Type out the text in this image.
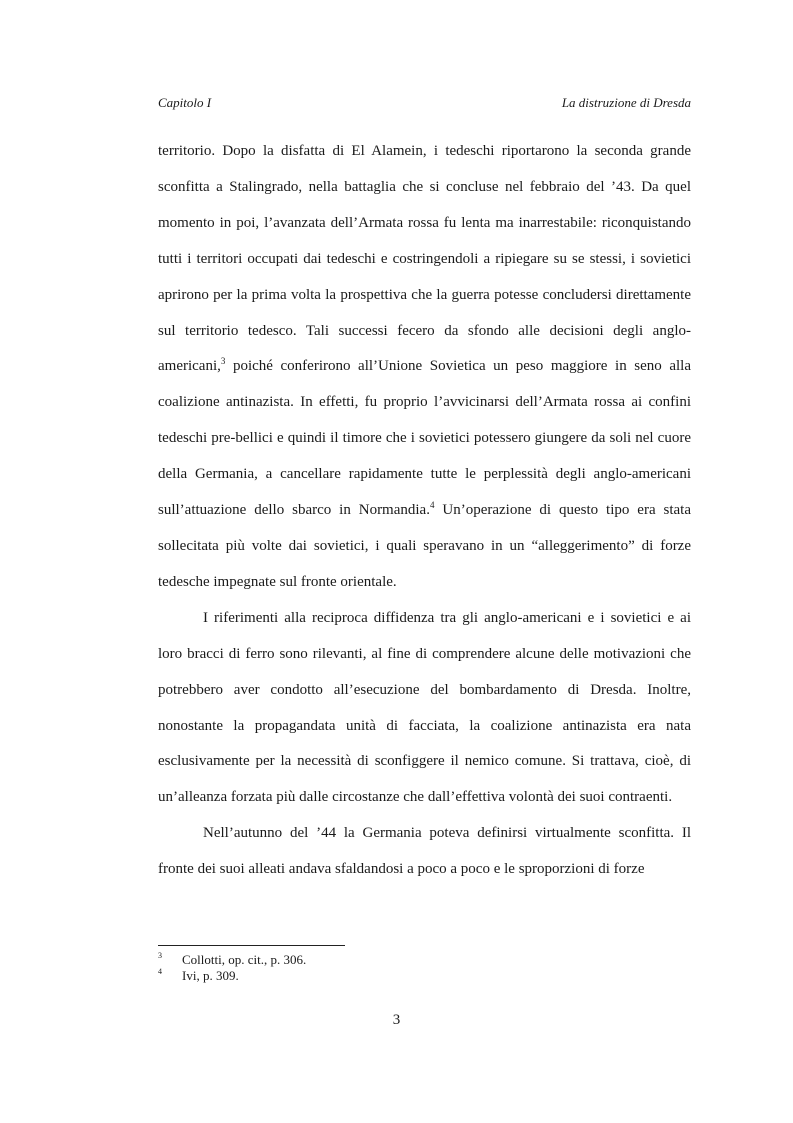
Capitolo I	La distruzione di Dresda

territorio. Dopo la disfatta di El Alamein, i tedeschi riportarono la seconda grande sconfitta a Stalingrado, nella battaglia che si concluse nel febbraio del ’43. Da quel momento in poi, l’avanzata dell’Armata rossa fu lenta ma inarrestabile: riconquistando tutti i territori occupati dai tedeschi e costringendoli a ripiegare su se stessi, i sovietici aprirono per la prima volta la prospettiva che la guerra potesse concludersi direttamente sul territorio tedesco. Tali successi fecero da sfondo alle decisioni degli anglo-americani,$^3$ poiché conferirono all’Unione Sovietica un peso maggiore in seno alla coalizione antinazista. In effetti, fu proprio l’avvicinarsi dell’Armata rossa ai confini tedeschi pre-bellici e quindi il timore che i sovietici potessero giungere da soli nel cuore della Germania, a cancellare rapidamente tutte le perplessità degli anglo-americani sull’attuazione dello sbarco in Normandia.$^4$ Un’operazione di questo tipo era stata sollecitata più volte dai sovietici, i quali speravano in un “alleggerimento” di forze tedesche impegnate sul fronte orientale.

I riferimenti alla reciproca diffidenza tra gli anglo-americani e i sovietici e ai loro bracci di ferro sono rilevanti, al fine di comprendere alcune delle motivazioni che potrebbero aver condotto all’esecuzione del bombardamento di Dresda. Inoltre, nonostante la propagandata unità di facciata, la coalizione antinazista era nata esclusivamente per la necessità di sconfiggere il nemico comune. Si trattava, cioè, di un’alleanza forzata più dalle circostanze che dall’effettiva volontà dei suoi contraenti.

Nell’autunno del ’44 la Germania poteva definirsi virtualmente sconfitta. Il fronte dei suoi alleati andava sfaldandosi a poco a poco e le sproporzioni di forze

3 Collotti, op. cit., p. 306.
4 Ivi, p. 309.
3
